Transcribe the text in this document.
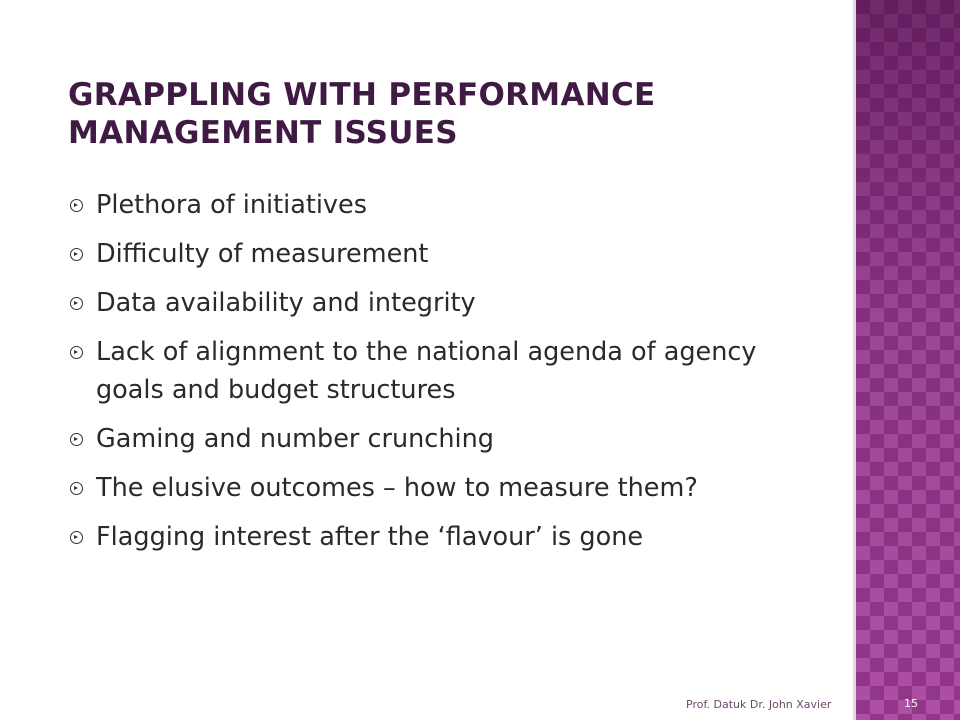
GRAPPLING WITH PERFORMANCE MANAGEMENT ISSUES
Plethora of initiatives
Difficulty of measurement
Data availability and integrity
Lack of alignment to the national agenda of agency goals and budget structures
Gaming and number crunching
The elusive outcomes – how to measure them?
Flagging interest after the ‘flavour’ is gone
Prof. Datuk Dr. John Xavier	15
